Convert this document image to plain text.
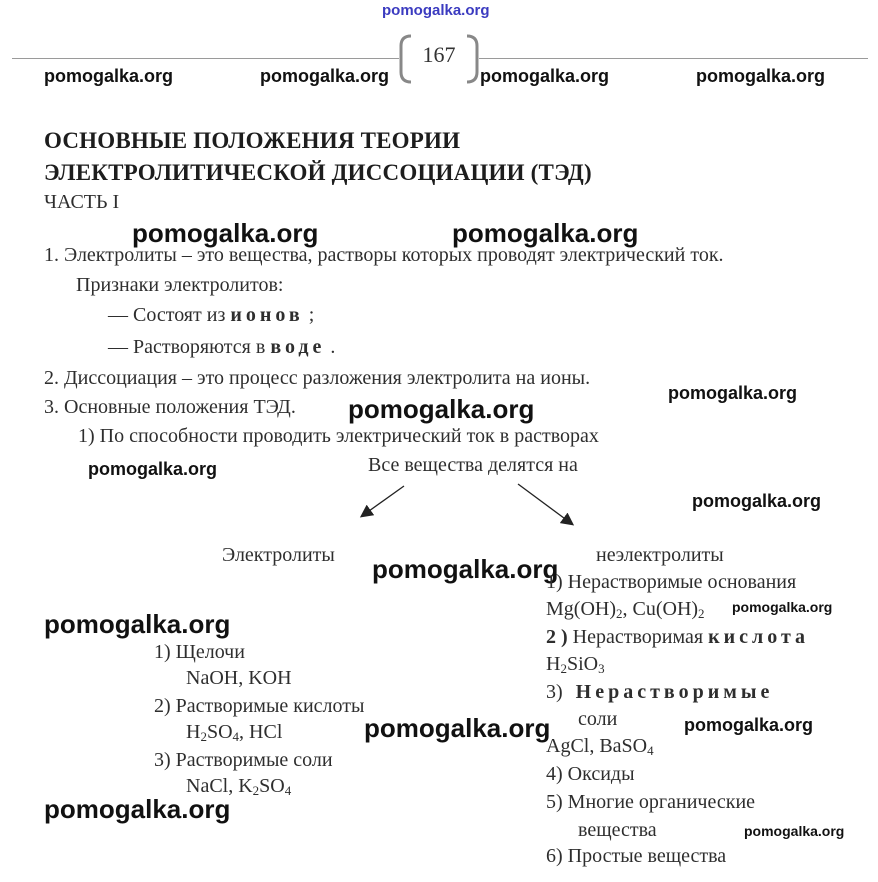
pomogalka.org
167
pomogalka.org	pomogalka.org	pomogalka.org	pomogalka.org
ОСНОВНЫЕ ПОЛОЖЕНИЯ ТЕОРИИ
ЭЛЕКТРОЛИТИЧЕСКОЙ ДИССОЦИАЦИИ (ТЭД)
ЧАСТЬ I
pomogalka.org	pomogalka.org
1. Электролиты – это вещества, растворы которых проводят электрический ток.
Признаки электролитов:
— Состоят из ионов ;
— Растворяются в воде .
2. Диссоциация – это процесс разложения электролита на ионы.
3. Основные положения ТЭД. pomogalka.org
pomogalka.org
1) По способности проводить электрический ток в растворах
pomogalka.org	Все вещества делятся на
pomogalka.org
Электролиты	неэлектролиты
pomogalka.org
1) Нерастворимые основания
$Mg(OH)_2$, $Cu(OH)_2$ pomogalka.org
2 ) Нерастворимая кислота
$H_2SiO_3$
3) Нерастворимые
соли	pomogalka.org
AgCl, BaSO$_4$
4) Оксиды
5) Многие органические
вещества	pomogalka.org
6) Простые вещества
pomogalka.org
1) Щелочи
NaOH, KOH
2) Растворимые кислоты
$H_2SO_4$, HCl	pomogalka.org
3) Растворимые соли
NaCl, $K_2SO_4$
pomogalka.org
